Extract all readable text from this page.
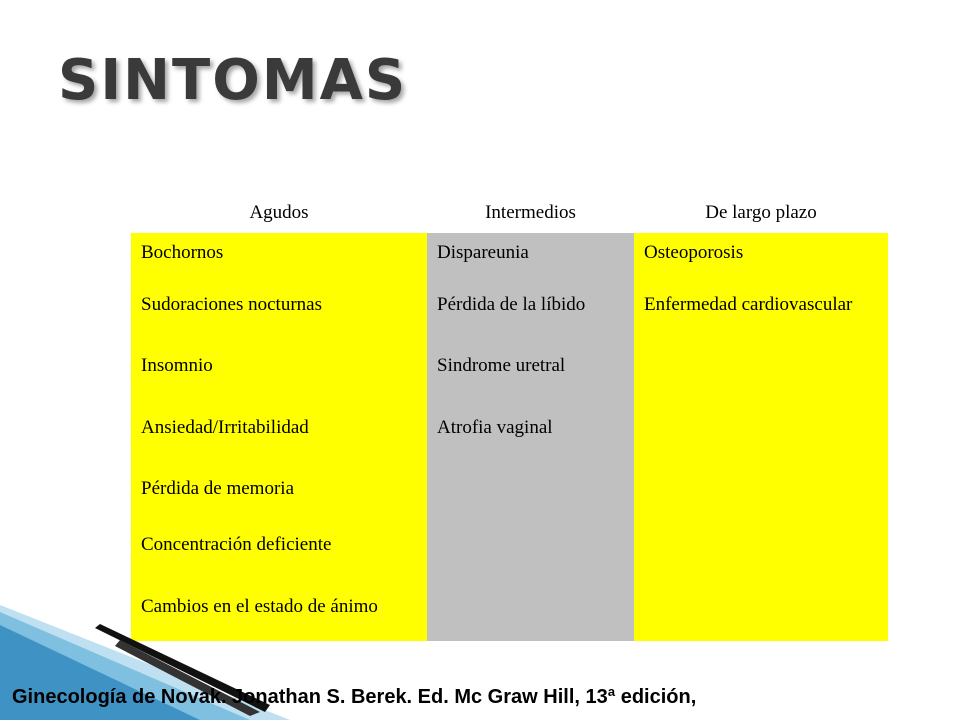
SINTOMAS
Agudos	Intermedios	De largo plazo
Bochornos	Dispareunia	Osteoporosis
Sudoraciones nocturnas	Pérdida de la líbido	Enfermedad cardiovascular
Insomnio	Sindrome uretral	
Ansiedad/Irritabilidad	Atrofia vaginal	
Pérdida de memoria		
Concentración deficiente		
Cambios en el estado de ánimo		
Ginecología de Novak. Jonathan S. Berek. Ed. Mc Graw Hill, 13ª edición,
